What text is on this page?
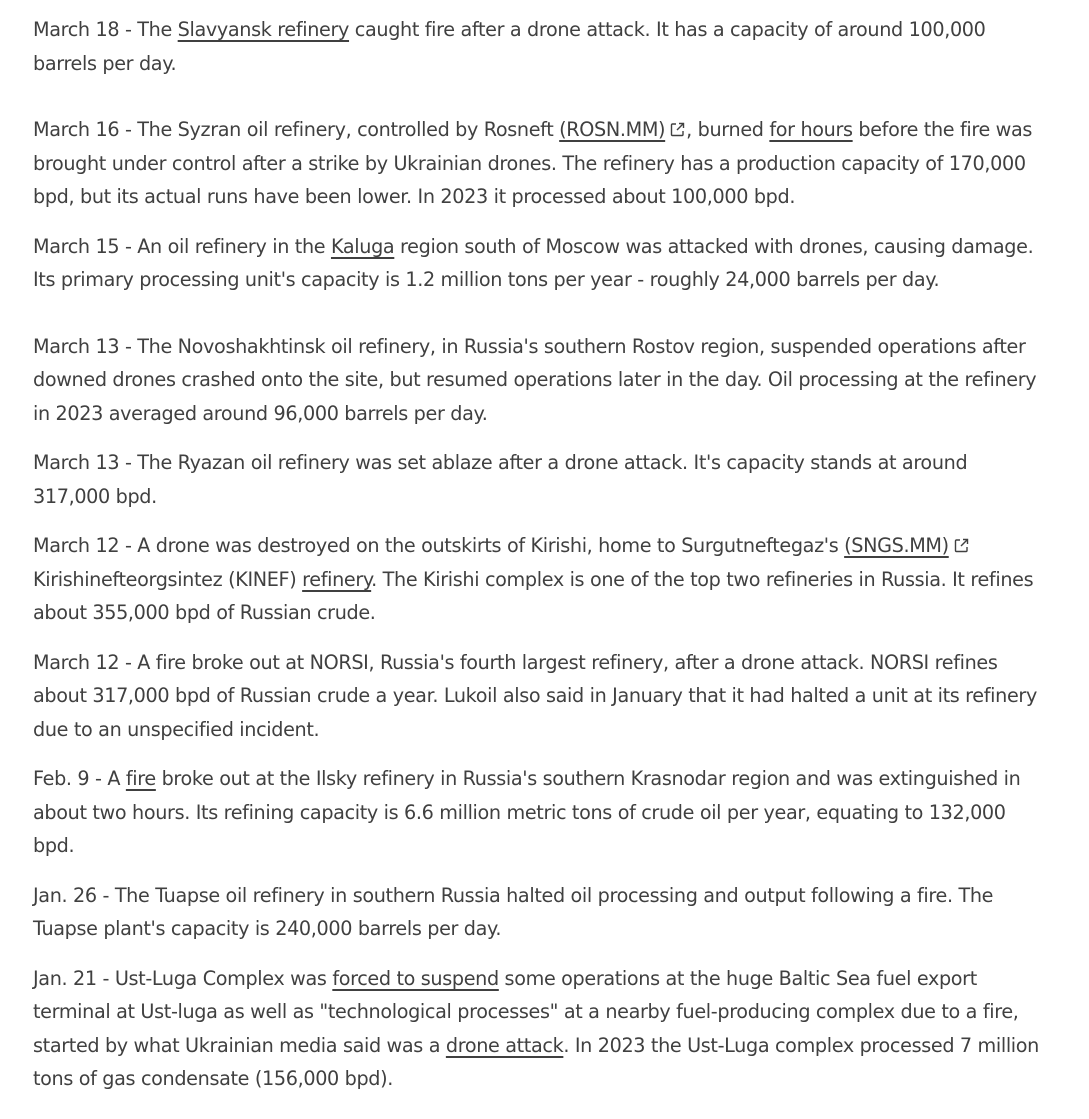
March 18 - The Slavyansk refinery caught fire after a drone attack. It has a capacity of around 100,000 barrels per day.

March 16 - The Syzran oil refinery, controlled by Rosneft (ROSN.MM) , burned for hours before the fire was brought under control after a strike by Ukrainian drones. The refinery has a production capacity of 170,000 bpd, but its actual runs have been lower. In 2023 it processed about 100,000 bpd.

March 15 - An oil refinery in the Kaluga region south of Moscow was attacked with drones, causing damage. Its primary processing unit's capacity is 1.2 million tons per year - roughly 24,000 barrels per day.

March 13 - The Novoshakhtinsk oil refinery, in Russia's southern Rostov region, suspended operations after downed drones crashed onto the site, but resumed operations later in the day. Oil processing at the refinery in 2023 averaged around 96,000 barrels per day.

March 13 - The Ryazan oil refinery was set ablaze after a drone attack. It's capacity stands at around 317,000 bpd.

March 12 - A drone was destroyed on the outskirts of Kirishi, home to Surgutneftegaz's (SNGS.MM)
Kirishinefteorgsintez (KINEF) refinery. The Kirishi complex is one of the top two refineries in Russia. It refines about 355,000 bpd of Russian crude.

March 12 - A fire broke out at NORSI, Russia's fourth largest refinery, after a drone attack. NORSI refines about 317,000 bpd of Russian crude a year. Lukoil also said in January that it had halted a unit at its refinery due to an unspecified incident.

Feb. 9 - A fire broke out at the Ilsky refinery in Russia's southern Krasnodar region and was extinguished in about two hours. Its refining capacity is 6.6 million metric tons of crude oil per year, equating to 132,000 bpd.

Jan. 26 - The Tuapse oil refinery in southern Russia halted oil processing and output following a fire. The Tuapse plant's capacity is 240,000 barrels per day.

Jan. 21 - Ust-Luga Complex was forced to suspend some operations at the huge Baltic Sea fuel export terminal at Ust-luga as well as "technological processes" at a nearby fuel-producing complex due to a fire, started by what Ukrainian media said was a drone attack. In 2023 the Ust-Luga complex processed 7 million tons of gas condensate (156,000 bpd).
